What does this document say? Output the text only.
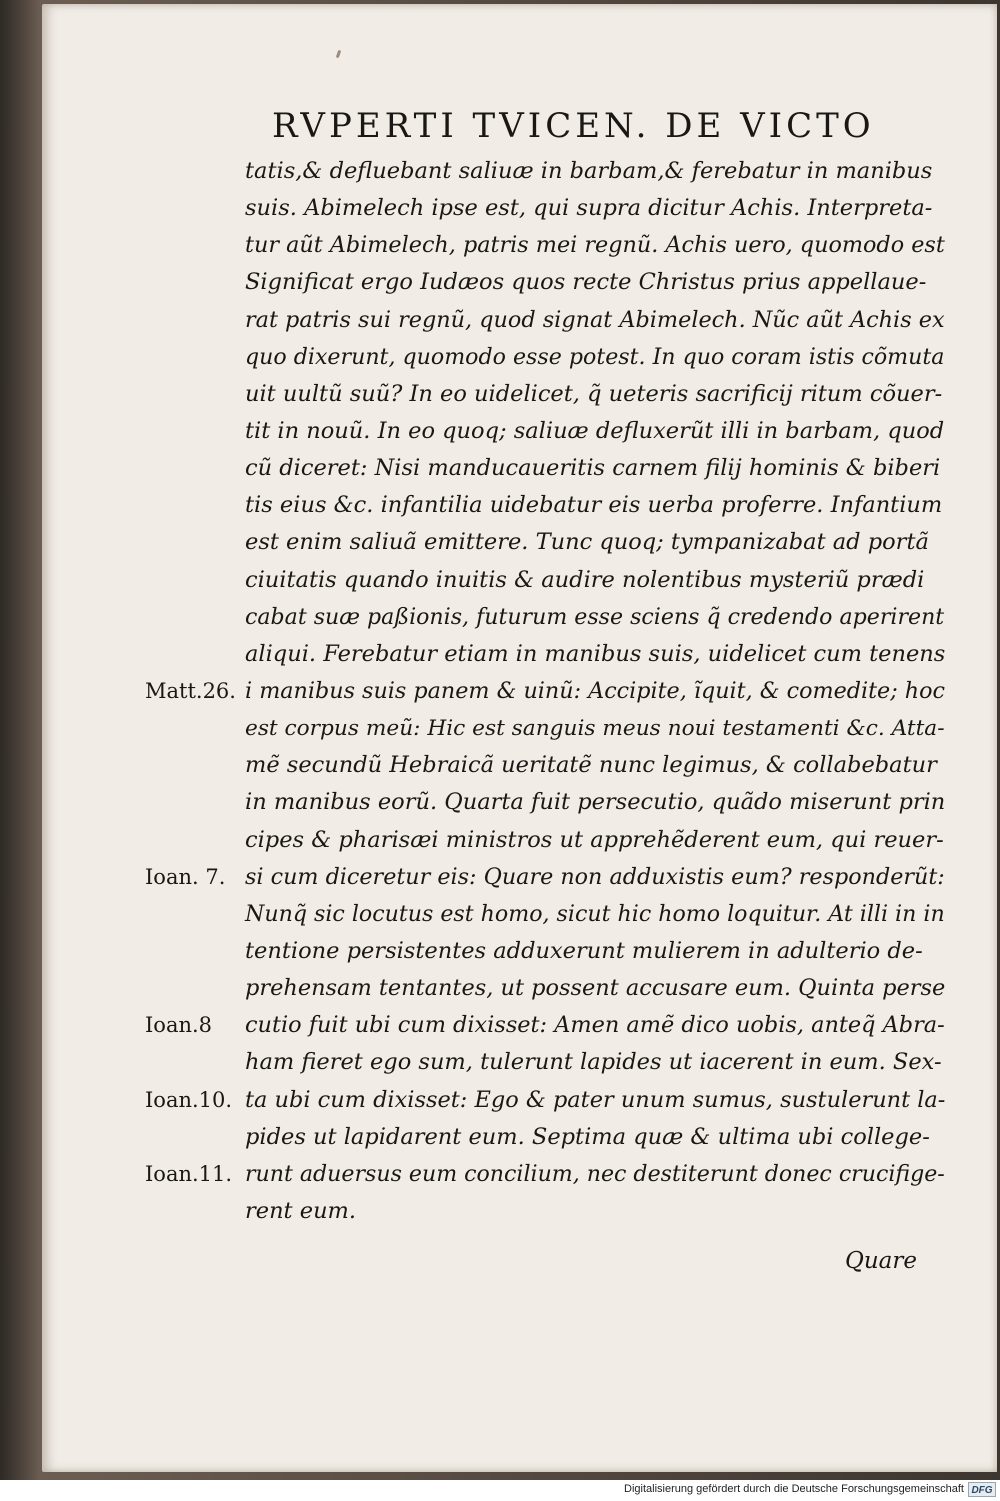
RVPERTI TVICEN. DE VICTO
Matt.26.
Ioan. 7.
Ioan.8
Ioan.10.
Ioan.11.
tatis,& defluebant saliuæ in barbam,& ferebatur in manibus
suis. Abimelech ipse est, qui supra dicitur Achis. Interpreta-
tur aũt Abimelech, patris mei regnũ. Achis uero, quomodo est
Significat ergo Iudæos quos recte Christus prius appellaue-
rat patris sui regnũ, quod signat Abimelech. Nũc aũt Achis ex
quo dixerunt, quomodo esse potest. In quo coram istis cõmuta
uit uultũ suũ? In eo uidelicet, q̃ ueteris sacrificij ritum cõuer-
tit in nouũ. In eo quoq; saliuæ defluxerũt illi in barbam, quod
cũ diceret: Nisi manducaueritis carnem filij hominis & biberi
tis eius &c. infantilia uidebatur eis uerba proferre. Infantium
est enim saliuã emittere. Tunc quoq; tympanizabat ad portã
ciuitatis quando inuitis & audire nolentibus mysteriũ prædi
cabat suæ paßionis, futurum esse sciens q̃ credendo aperirent
aliqui. Ferebatur etiam in manibus suis, uidelicet cum tenens
i manibus suis panem & uinũ: Accipite, ĩquit, & comedite; hoc
est corpus meũ: Hic est sanguis meus noui testamenti &c. Atta-
mẽ secundũ Hebraicã ueritatẽ nunc legimus, & collabebatur
in manibus eorũ. Quarta fuit persecutio, quãdo miserunt prin
cipes & pharisæi ministros ut apprehẽderent eum, qui reuer-
si cum diceretur eis: Quare non adduxistis eum? responderũt:
Nunq̃ sic locutus est homo, sicut hic homo loquitur. At illi in in
tentione persistentes adduxerunt mulierem in adulterio de-
prehensam tentantes, ut possent accusare eum. Quinta perse
cutio fuit ubi cum dixisset: Amen amẽ dico uobis, anteq̃ Abra-
ham fieret ego sum, tulerunt lapides ut iacerent in eum. Sex-
ta ubi cum dixisset: Ego & pater unum sumus, sustulerunt la-
pides ut lapidarent eum. Septima quæ & ultima ubi college-
runt aduersus eum concilium, nec destiterunt donec crucifige-
rent eum.
Quare
Digitalisierung gefördert durch die Deutsche Forschungsgemeinschaft DFG
